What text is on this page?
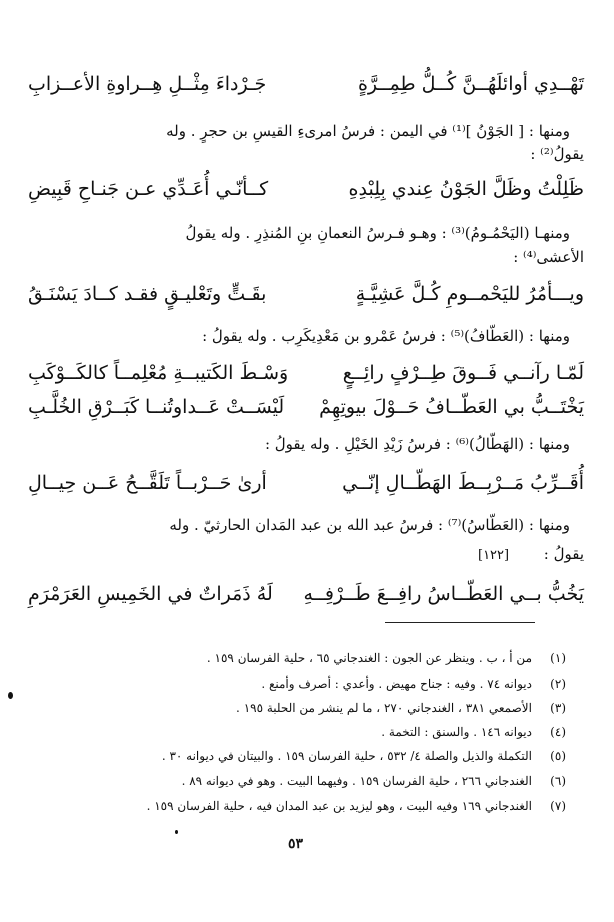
تَهْــدِي أوائلَهُــنَّ كُــلُّ طِمِــرَّةٍ
جَـرْداءَ مِثْــلِ هِــراوةِ الأعــزابِ
ومنها : [ الجَوْنُ ]‏⁽¹⁾ في اليمن : فرسُ امرىءِ القيسِ بن حجرٍ . وله
يقولُ⁽²⁾ :
ظَلِلْتُ وظَلَّ الجَوْنُ عِندي بِلِبْدِهِ
كــأنّـي أُعَـدِّي عـن جَنـاحِ قَبِيضِ
ومنهـا (اليَحْمُـومُ)⁽³⁾ : وهـو فـرسُ النعمانِ بنِ المُنذِرِ . وله يقولُ
الأعشى⁽⁴⁾ :
ويـــأمُرُ لليَحْمــومِ كُـلَّ عَشِيَّـةٍ
بقَـتٍّ وتَعْليـقٍ فقـد كــادَ يَسْنَـقُ
ومنها : (العَطّافُ)⁽⁵⁾ : فرسُ عَمْرو بن مَعْدِيكَرِب . وله يقولُ :
لَمّـا رآنــي فَــوقَ طِــرْفٍ رائِــعٍ
وَسْـطَ الكَتيبــةِ مُعْلِمــاً كالكَــوْكَبِ
يَخْتَــبُّ بي العَطّــافُ حَــوْلَ بيوتِهِمْ
لَيْسَــتْ عَــداوتُنــا كَبَــرْقِ الخُلَّـبِ
ومنها : (الهَطّالُ)⁽⁶⁾ : فرسُ زَيْدِ الخَيْلِ . وله يقولُ :
أُقَــرِّبُ مَــرْبِــطَ الهَطّــالِ إنّــي
أرىٰ حَــرْبــاً تَلَقَّــحُ عَــن حِيــالِ
ومنها : (العَطّاسُ)⁽⁷⁾ : فرسُ عبد الله بن عبد المَدان الحارثيّ . وله
يقولُ :
[١٢٢]
يَخُبُّ بــي العَطّــاسُ رافِــعَ طَــرْفِــهِ
لَهُ ذَمَراتٌ في الخَمِيسِ العَرَمْرَمِ
(١)من أ ، ب . وينظر عن الجون : الغندجاني ٦٥ ، حلية الفرسان ١٥٩ .
(٢)ديوانه ٧٤ . وفيه : جناح مهيض . وأعدي : أصرف وأمنع .
(٣)الأصمعي ٣٨١ ، الغندجاني ٢٧٠ ، ما لم ينشر من الحلبة ١٩٥ .
(٤)ديوانه ١٤٦ . والسنق : التخمة .
(٥)التكملة والذيل والصلة ٤/ ٥٣٢ ، حلية الفرسان ١٥٩ . والبيتان في ديوانه ٣٠ .
(٦)الغندجاني ٢٦٦ ، حلية الفرسان ١٥٩ . وفيهما البيت . وهو في ديوانه ٨٩ .
(٧)الغندجاني ١٦٩ وفيه البيت ، وهو ليزيد بن عبد المدان فيه ، حلية الفرسان ١٥٩ .
٥٣
